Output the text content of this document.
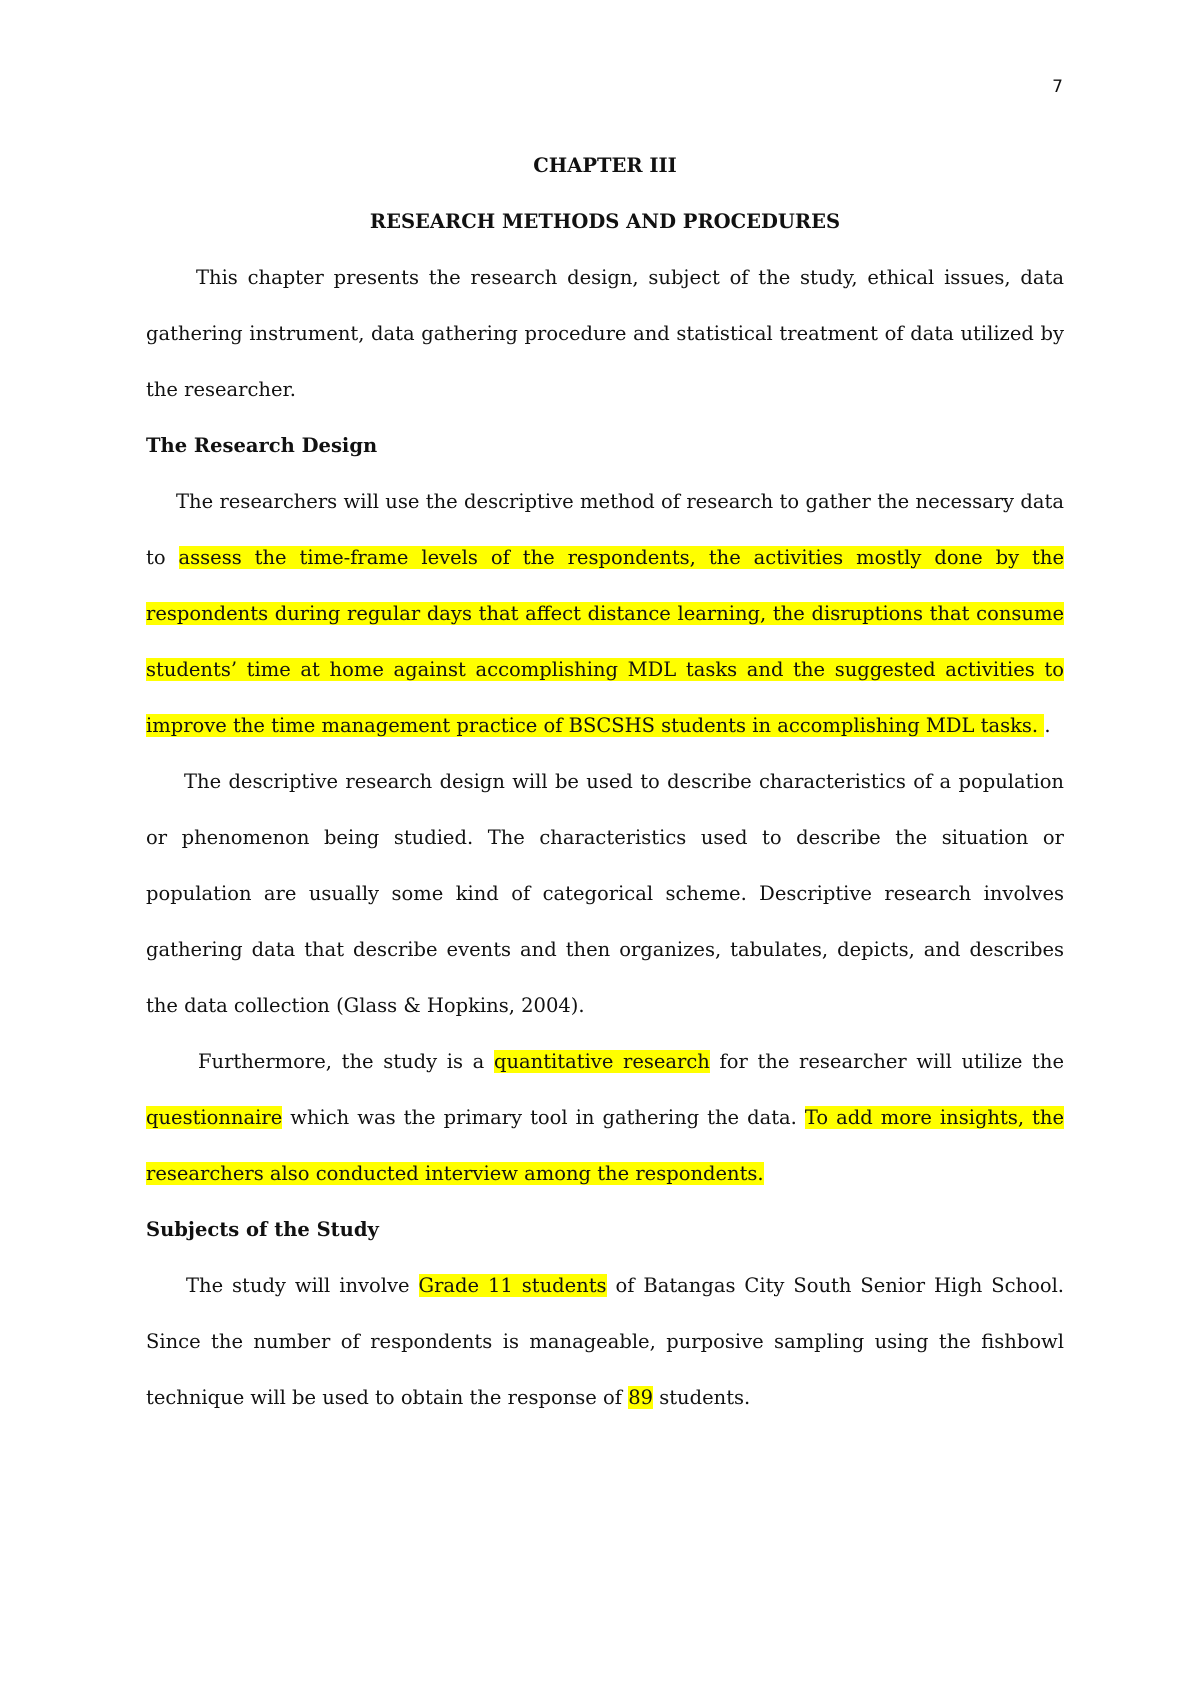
7
CHAPTER III
RESEARCH METHODS AND PROCEDURES

This chapter presents the research design, subject of the study, ethical issues, data gathering instrument, data gathering procedure and statistical treatment of data utilized by the researcher.

The Research Design

The researchers will use the descriptive method of research to gather the necessary data to assess the time-frame levels of the respondents, the activities mostly done by the respondents during regular days that affect distance learning, the disruptions that consume students’ time at home against accomplishing MDL tasks and the suggested activities to improve the time management practice of BSCSHS students in accomplishing MDL tasks. .

The descriptive research design will be used to describe characteristics of a population or phenomenon being studied. The characteristics used to describe the situation or population are usually some kind of categorical scheme. Descriptive research involves gathering data that describe events and then organizes, tabulates, depicts, and describes the data collection (Glass & Hopkins, 2004).

Furthermore, the study is a quantitative research for the researcher will utilize the questionnaire which was the primary tool in gathering the data. To add more insights, the researchers also conducted interview among the respondents.

Subjects of the Study

The study will involve Grade 11 students of Batangas City South Senior High School. Since the number of respondents is manageable, purposive sampling using the fishbowl technique will be used to obtain the response of 89 students.
